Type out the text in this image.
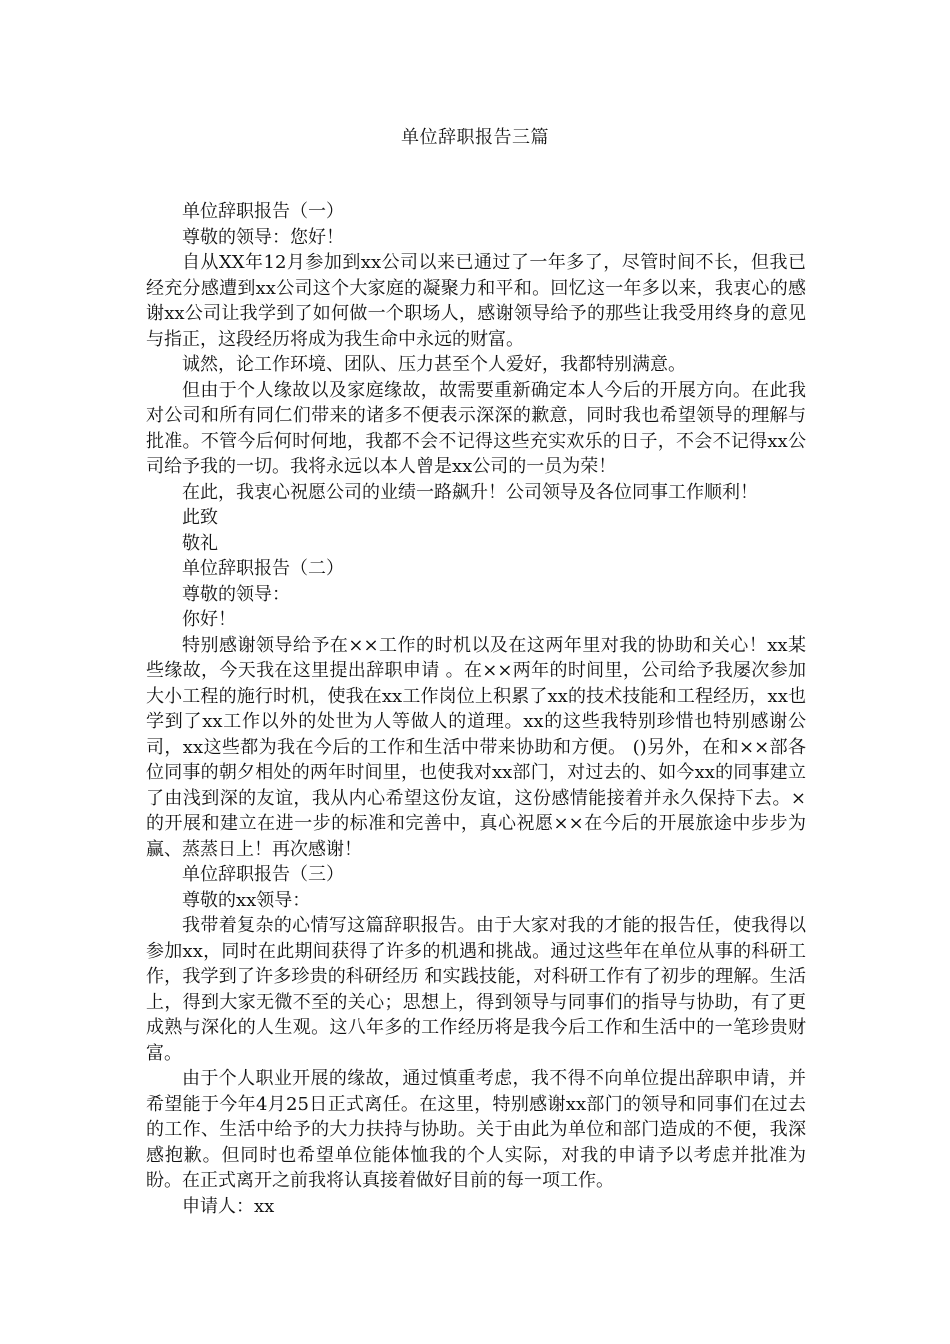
单位辞职报告三篇

单位辞职报告（一）

尊敬的领导：您好！

自从XX年12月参加到xx公司以来已通过了一年多了，尽管时间不长，但我已经充分感遭到xx公司这个大家庭的凝聚力和平和。回忆这一年多以来，我衷心的感谢xx公司让我学到了如何做一个职场人，感谢领导给予的那些让我受用终身的意见与指正，这段经历将成为我生命中永远的财富。

诚然，论工作环境、团队、压力甚至个人爱好，我都特别满意。

但由于个人缘故以及家庭缘故，故需要重新确定本人今后的开展方向。在此我对公司和所有同仁们带来的诸多不便表示深深的歉意，同时我也希望领导的理解与批准。不管今后何时何地，我都不会不记得这些充实欢乐的日子，不会不记得xx公司给予我的一切。我将永远以本人曾是xx公司的一员为荣！

在此，我衷心祝愿公司的业绩一路飙升！公司领导及各位同事工作顺利！

此致

敬礼

单位辞职报告（二）

尊敬的领导：

你好！

特别感谢领导给予在××工作的时机以及在这两年里对我的协助和关心！xx某些缘故，今天我在这里提出辞职申请 。在××两年的时间里，公司给予我屡次参加大小工程的施行时机，使我在xx工作岗位上积累了xx的技术技能和工程经历，xx也学到了xx工作以外的处世为人等做人的道理。xx的这些我特别珍惜也特别感谢公司，xx这些都为我在今后的工作和生活中带来协助和方便。 ()另外，在和××部各位同事的朝夕相处的两年时间里，也使我对xx部门，对过去的、如今xx的同事建立了由浅到深的友谊，我从内心希望这份友谊，这份感情能接着并永久保持下去。×的开展和建立在进一步的标准和完善中，真心祝愿××在今后的开展旅途中步步为赢、蒸蒸日上！再次感谢！

单位辞职报告（三）

尊敬的xx领导：

我带着复杂的心情写这篇辞职报告。由于大家对我的才能的报告任，使我得以参加xx，同时在此期间获得了许多的机遇和挑战。通过这些年在单位从事的科研工作，我学到了许多珍贵的科研经历 和实践技能，对科研工作有了初步的理解。生活上，得到大家无微不至的关心；思想上，得到领导与同事们的指导与协助，有了更成熟与深化的人生观。这八年多的工作经历将是我今后工作和生活中的一笔珍贵财富。

由于个人职业开展的缘故，通过慎重考虑，我不得不向单位提出辞职申请，并希望能于今年4月25日正式离任。在这里，特别感谢xx部门的领导和同事们在过去的工作、生活中给予的大力扶持与协助。关于由此为单位和部门造成的不便，我深感抱歉。但同时也希望单位能体恤我的个人实际，对我的申请予以考虑并批准为盼。在正式离开之前我将认真接着做好目前的每一项工作。

申请人：xx
